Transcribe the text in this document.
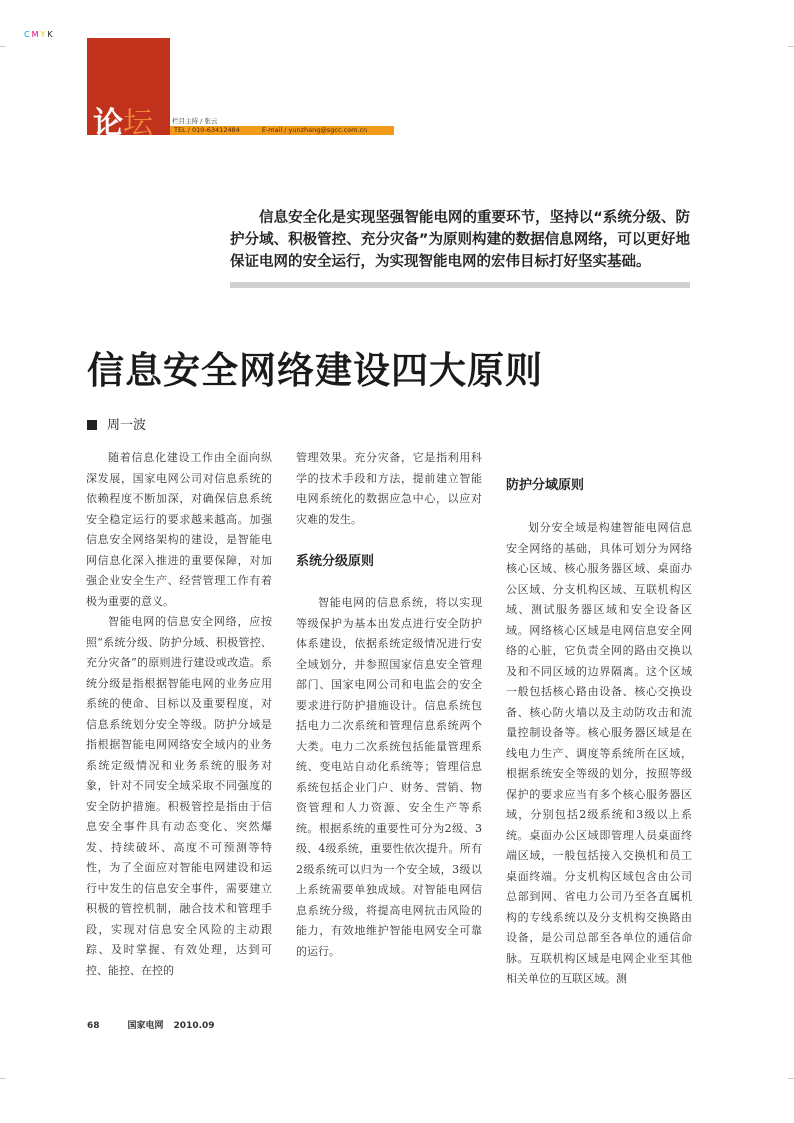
CMYK
论坛	栏目主持 / 张云
TEL / 010-63412484	E-mail / yunzhang@sgcc.com.cn

信息安全化是实现坚强智能电网的重要环节，坚持以“系统分级、防护分域、积极管控、充分灾备”为原则构建的数据信息网络，可以更好地保证电网的安全运行，为实现智能电网的宏伟目标打好坚实基础。

信息安全网络建设四大原则
周一波

随着信息化建设工作由全面向纵深发展，国家电网公司对信息系统的依赖程度不断加深，对确保信息系统安全稳定运行的要求越来越高。加强信息安全网络架构的建设，是智能电网信息化深入推进的重要保障，对加强企业安全生产、经营管理工作有着极为重要的意义。

智能电网的信息安全网络，应按照“系统分级、防护分域、积极管控、充分灾备”的原则进行建设或改造。系统分级是指根据智能电网的业务应用系统的使命、目标以及重要程度，对信息系统划分安全等级。防护分域是指根据智能电网网络安全域内的业务系统定级情况和业务系统的服务对象，针对不同安全域采取不同强度的安全防护措施。积极管控是指由于信息安全事件具有动态变化、突然爆发、持续破坏、高度不可预测等特性，为了全面应对智能电网建设和运行中发生的信息安全事件，需要建立积极的管控机制，融合技术和管理手段，实现对信息安全风险的主动跟踪、及时掌握、有效处理，达到可控、能控、在控的

管理效果。充分灾备，它是指利用科学的技术手段和方法，提前建立智能电网系统化的数据应急中心，以应对灾难的发生。

系统分级原则

智能电网的信息系统，将以实现等级保护为基本出发点进行安全防护体系建设，依据系统定级情况进行安全域划分，并参照国家信息安全管理部门、国家电网公司和电监会的安全要求进行防护措施设计。信息系统包括电力二次系统和管理信息系统两个大类。电力二次系统包括能量管理系统、变电站自动化系统等；管理信息系统包括企业门户、财务、营销、物资管理和人力资源、安全生产等系统。根据系统的重要性可分为2级、3级、4级系统，重要性依次提升。所有2级系统可以归为一个安全域，3级以上系统需要单独成域。对智能电网信息系统分级，将提高电网抗击风险的能力，有效地维护智能电网安全可靠的运行。

防护分域原则

划分安全域是构建智能电网信息安全网络的基础，具体可划分为网络核心区域、核心服务器区域、桌面办公区域、分支机构区域、互联机构区域、测试服务器区域和安全设备区域。网络核心区域是电网信息安全网络的心脏，它负责全网的路由交换以及和不同区域的边界隔离。这个区域一般包括核心路由设备、核心交换设备、核心防火墙以及主动防攻击和流量控制设备等。核心服务器区域是在线电力生产、调度等系统所在区域，根据系统安全等级的划分，按照等级保护的要求应当有多个核心服务器区域，分别包括2级系统和3级以上系统。桌面办公区域即管理人员桌面终端区域，一般包括接入交换机和员工桌面终端。分支机构区域包含由公司总部到网、省电力公司乃至各直属机构的专线系统以及分支机构交换路由设备，是公司总部至各单位的通信命脉。互联机构区域是电网企业至其他相关单位的互联区域。测

68	国家电网 2010.09
